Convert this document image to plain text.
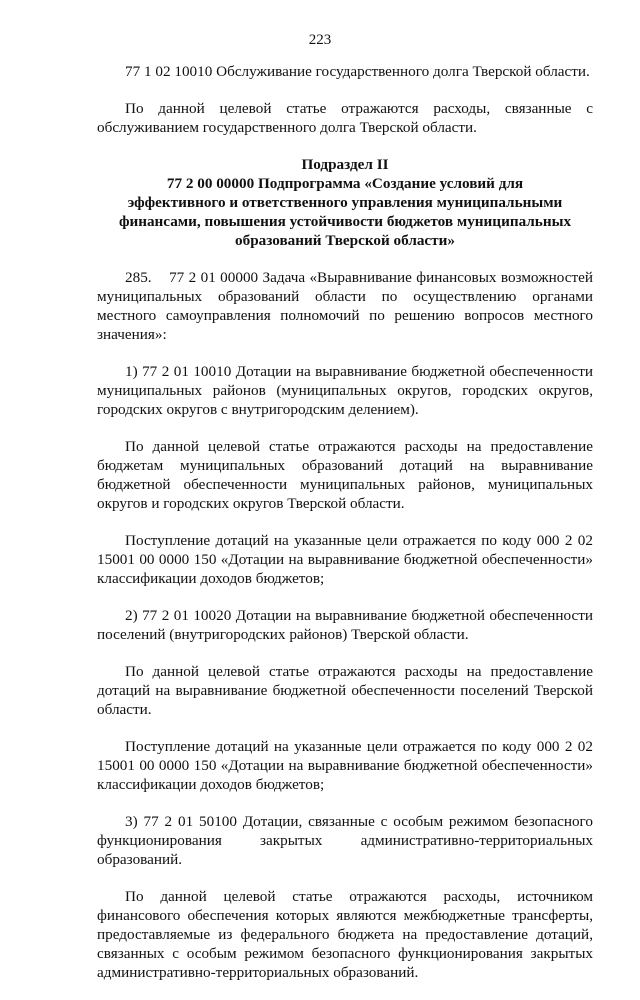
223

77 1 02 10010 Обслуживание государственного долга Тверской области.

По данной целевой статье отражаются расходы, связанные с обслуживанием государственного долга Тверской области.

Подраздел II
77 2 00 00000 Подпрограмма «Создание условий для
эффективного и ответственного управления муниципальными
финансами, повышения устойчивости бюджетов муниципальных
образований Тверской области»

285.    77 2 01 00000 Задача «Выравнивание финансовых возможностей муниципальных образований области по осуществлению органами местного самоуправления полномочий по решению вопросов местного значения»:

1) 77 2 01 10010 Дотации на выравнивание бюджетной обеспеченности муниципальных районов (муниципальных округов, городских округов, городских округов с внутригородским делением).

По данной целевой статье отражаются расходы на предоставление бюджетам муниципальных образований дотаций на выравнивание бюджетной обеспеченности муниципальных районов, муниципальных округов и городских округов Тверской области.

Поступление дотаций на указанные цели отражается по коду 000 2 02 15001 00 0000 150 «Дотации на выравнивание бюджетной обеспеченности» классификации доходов бюджетов;

2) 77 2 01 10020 Дотации на выравнивание бюджетной обеспеченности поселений (внутригородских районов) Тверской области.

По данной целевой статье отражаются расходы на предоставление дотаций на выравнивание бюджетной обеспеченности поселений Тверской области.

Поступление дотаций на указанные цели отражается по коду 000 2 02 15001 00 0000 150 «Дотации на выравнивание бюджетной обеспеченности» классификации доходов бюджетов;

3) 77 2 01 50100 Дотации, связанные с особым режимом безопасного функционирования закрытых административно-территориальных образований.

По данной целевой статье отражаются расходы, источником финансового обеспечения которых являются межбюджетные трансферты, предоставляемые из федерального бюджета на предоставление дотаций, связанных с особым режимом безопасного функционирования закрытых административно-территориальных образований.
